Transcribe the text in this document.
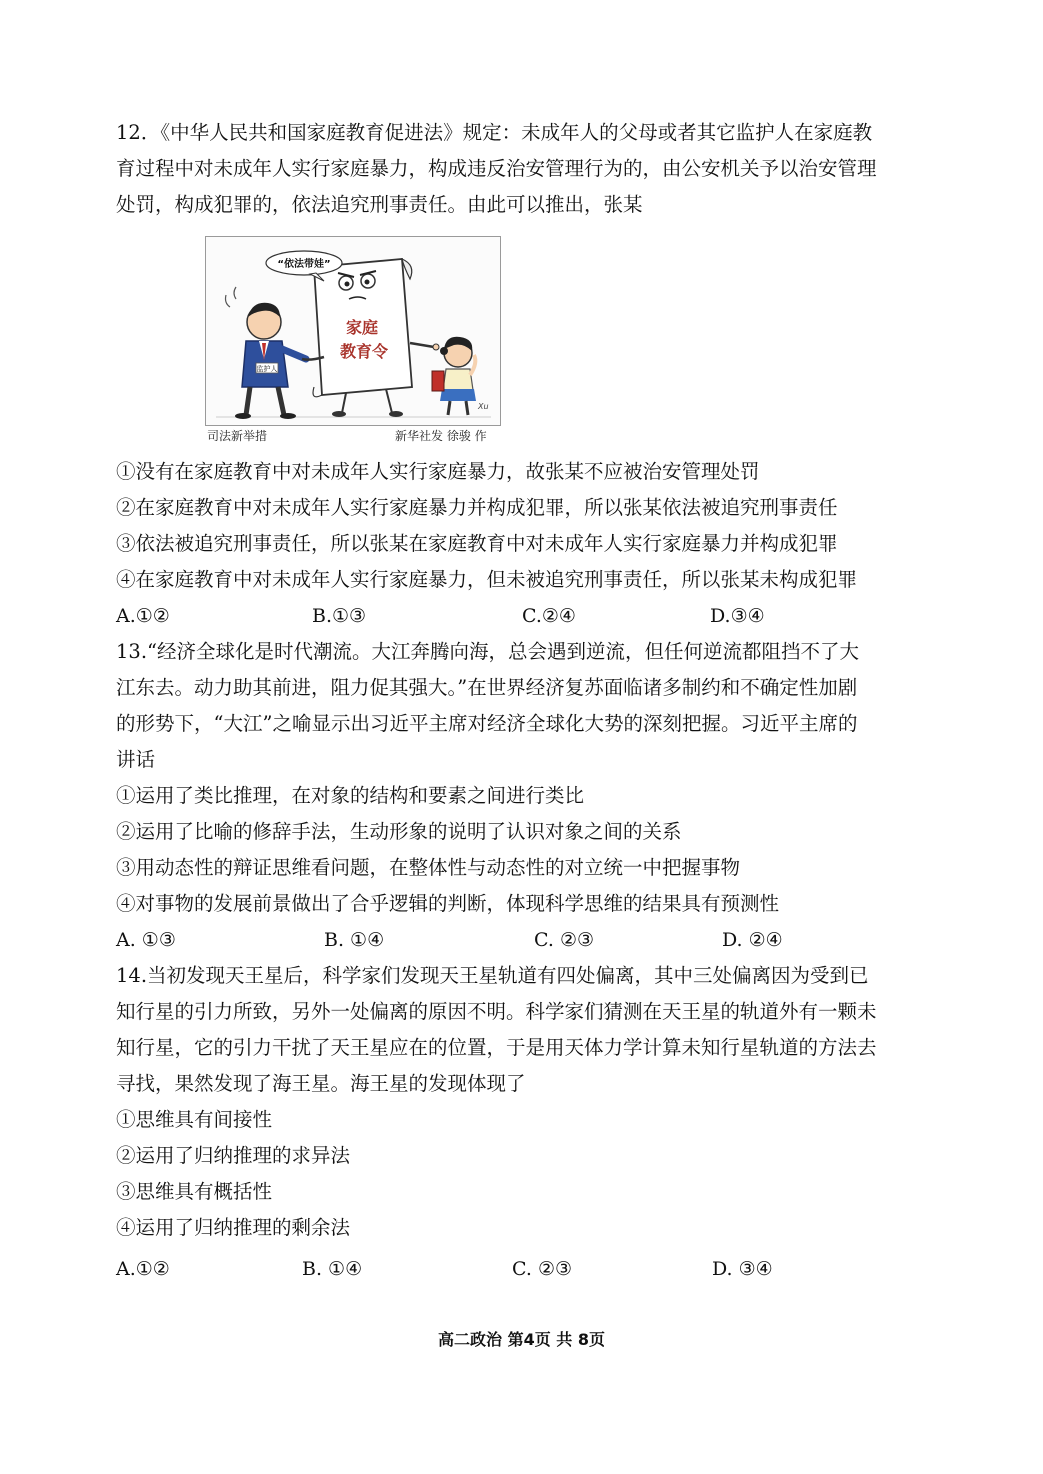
12．《中华人民共和国家庭教育促进法》规定：未成年人的父母或者其它监护人在家庭教
育过程中对未成年人实行家庭暴力，构成违反治安管理行为的，由公安机关予以治安管理
处罚，构成犯罪的，依法追究刑事责任。由此可以推出，张某
监护人
家庭
教育令
“依法带娃”
Xu
司法新举措	新华社发 徐骏 作
①没有在家庭教育中对未成年人实行家庭暴力，故张某不应被治安管理处罚
②在家庭教育中对未成年人实行家庭暴力并构成犯罪，所以张某依法被追究刑事责任
③依法被追究刑事责任，所以张某在家庭教育中对未成年人实行家庭暴力并构成犯罪
④在家庭教育中对未成年人实行家庭暴力，但未被追究刑事责任，所以张某未构成犯罪
A.①②	B.①③	C.②④	D.③④
13.“经济全球化是时代潮流。大江奔腾向海，总会遇到逆流，但任何逆流都阻挡不了大
江东去。动力助其前进，阻力促其强大。”在世界经济复苏面临诸多制约和不确定性加剧
的形势下，“大江”之喻显示出习近平主席对经济全球化大势的深刻把握。习近平主席的
讲话
①运用了类比推理，在对象的结构和要素之间进行类比
②运用了比喻的修辞手法，生动形象的说明了认识对象之间的关系
③用动态性的辩证思维看问题，在整体性与动态性的对立统一中把握事物
④对事物的发展前景做出了合乎逻辑的判断，体现科学思维的结果具有预测性
A. ①③	B. ①④	C. ②③	D. ②④
14.当初发现天王星后，科学家们发现天王星轨道有四处偏离，其中三处偏离因为受到已
知行星的引力所致，另外一处偏离的原因不明。科学家们猜测在天王星的轨道外有一颗未
知行星，它的引力干扰了天王星应在的位置，于是用天体力学计算未知行星轨道的方法去
寻找，果然发现了海王星。海王星的发现体现了
①思维具有间接性
②运用了归纳推理的求异法
③思维具有概括性
④运用了归纳推理的剩余法
A.①②	B. ①④	C. ②③	D. ③④
高二政治 第4页 共 8页
